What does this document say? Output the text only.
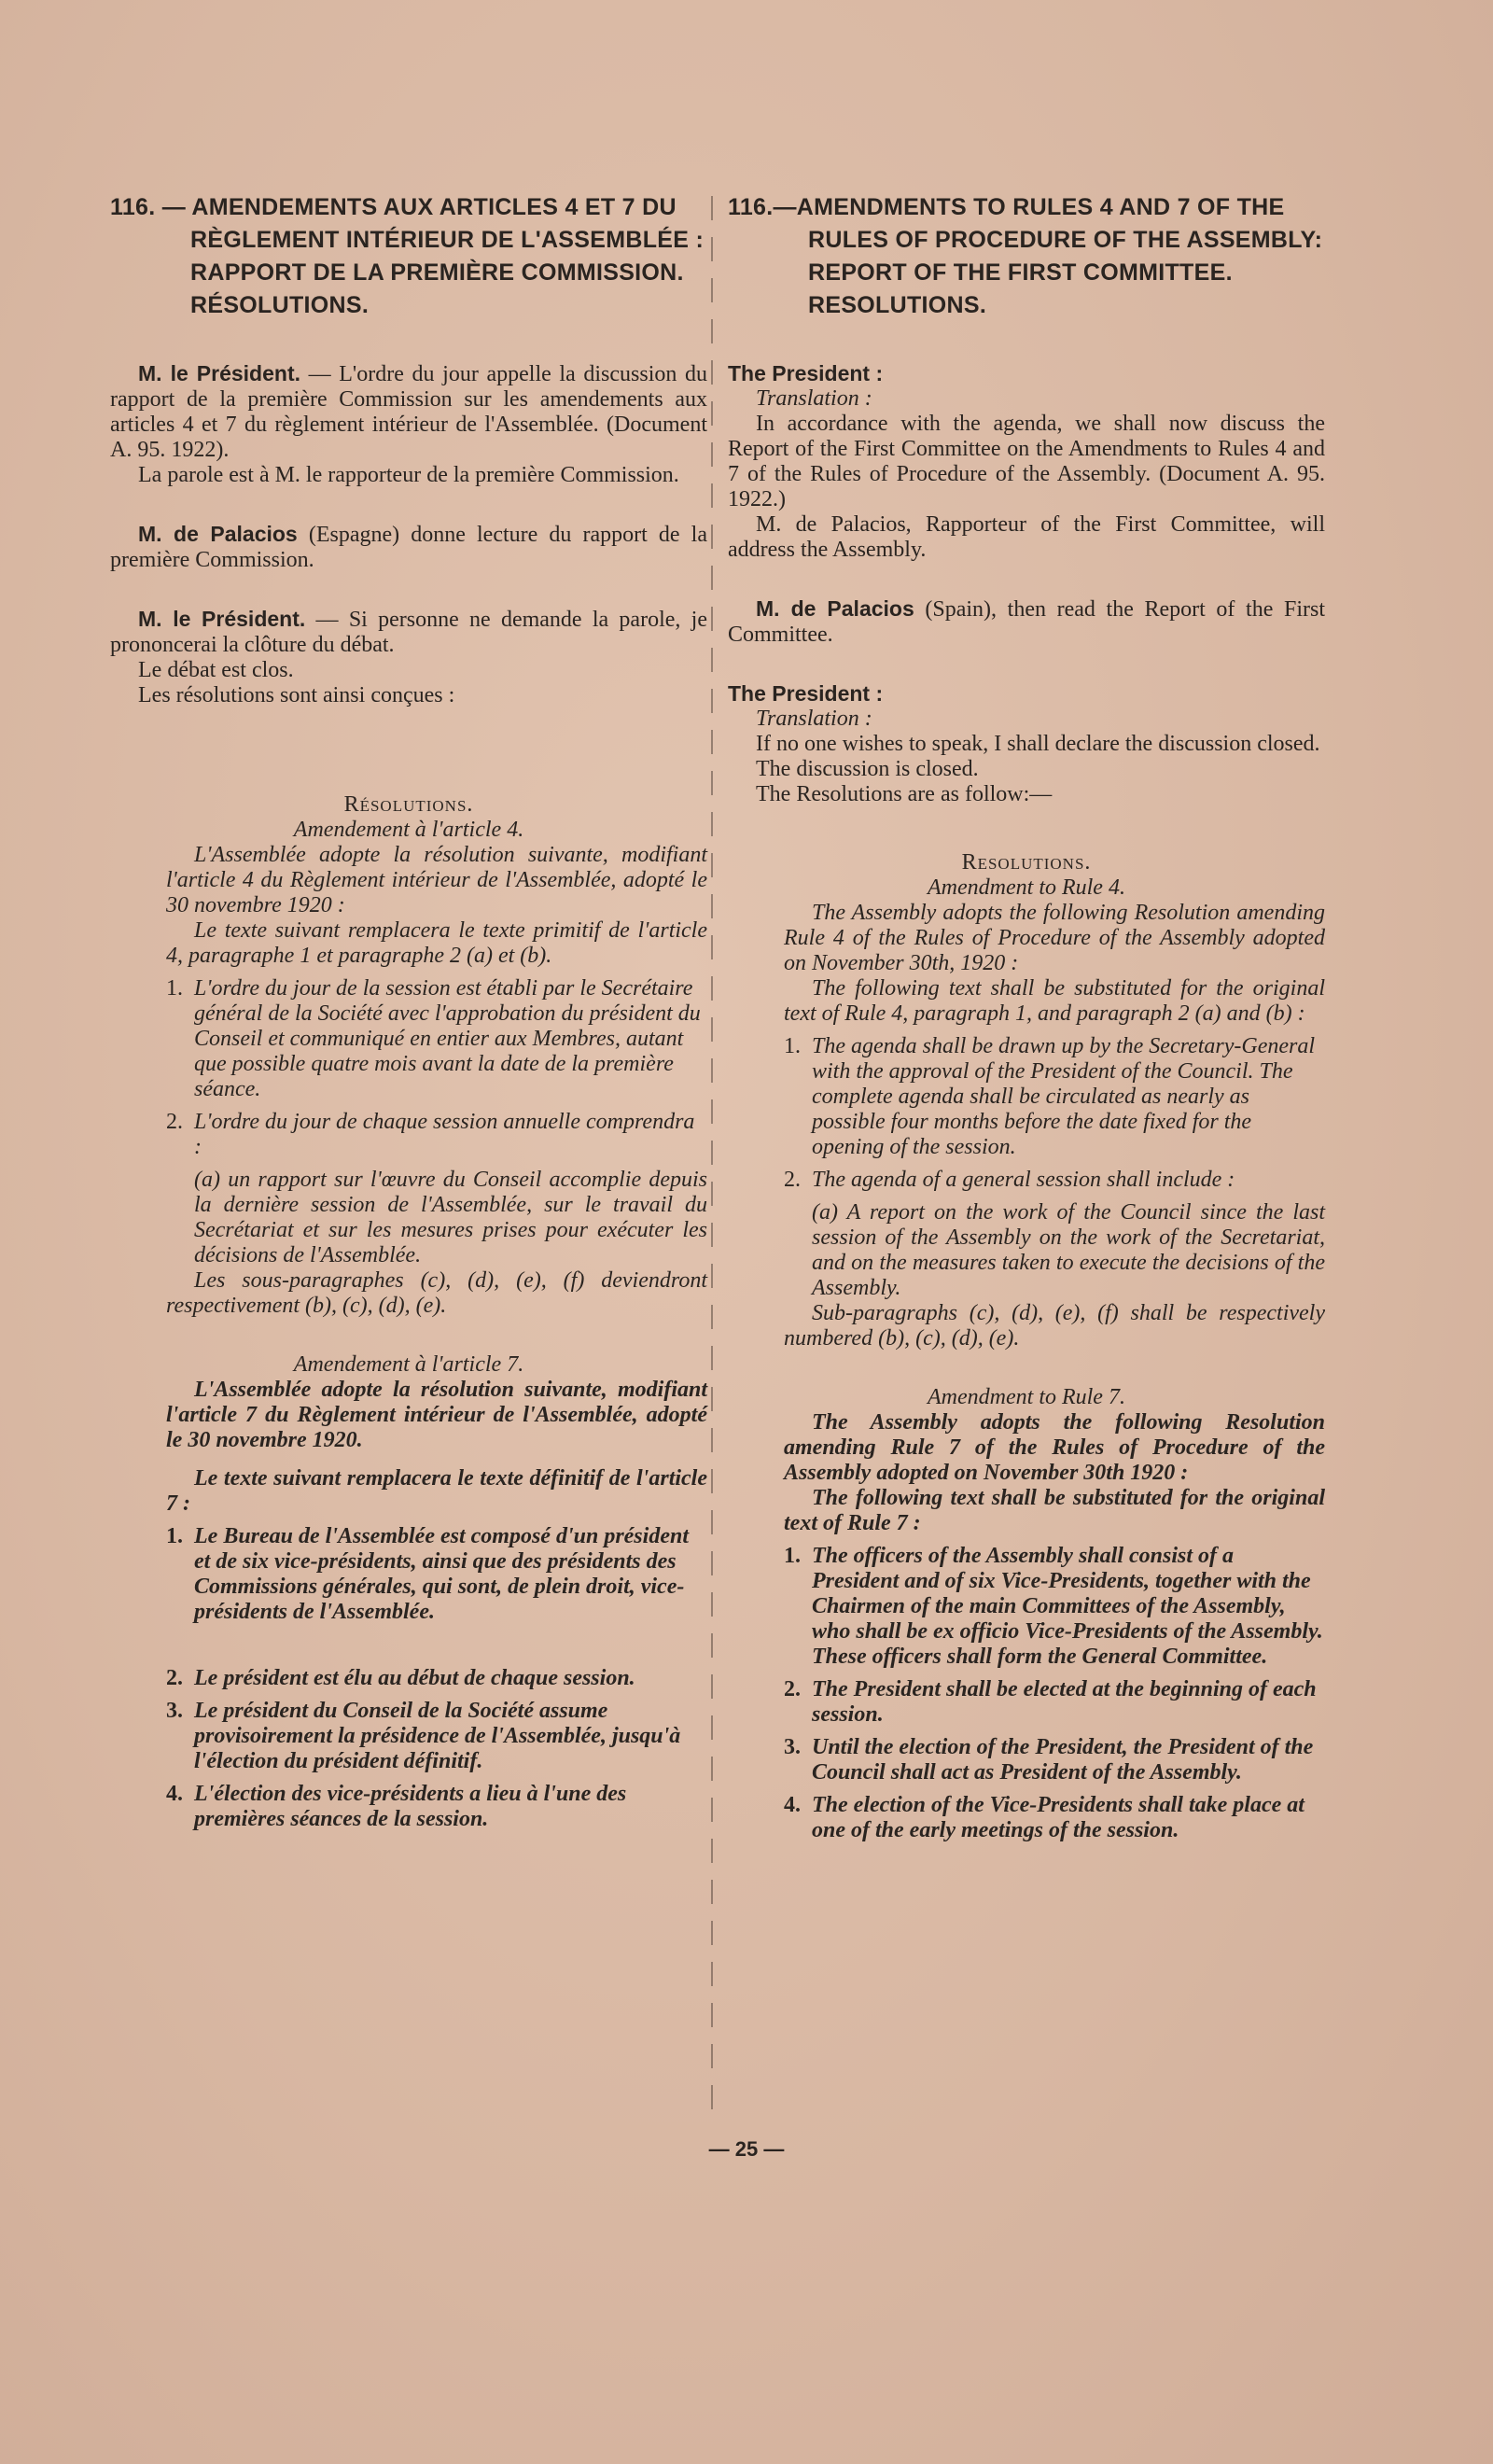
116. — AMENDEMENTS AUX ARTICLES 4 ET 7 DU RÈGLEMENT INTÉRIEUR DE L'ASSEMBLÉE : RAPPORT DE LA PREMIÈRE COMMISSION. RÉSOLUTIONS.

M. le Président. — L'ordre du jour appelle la discussion du rapport de la première Commission sur les amendements aux articles 4 et 7 du règlement intérieur de l'Assemblée. (Document A. 95. 1922).

La parole est à M. le rapporteur de la première Commission.

M. de Palacios (Espagne) donne lecture du rapport de la première Commission.

M. le Président. — Si personne ne demande la parole, je prononcerai la clôture du débat.

Le débat est clos.

Les résolutions sont ainsi conçues :

Résolutions.

Amendement à l'article 4.

L'Assemblée adopte la résolution suivante, modifiant l'article 4 du Règlement intérieur de l'Assemblée, adopté le 30 novembre 1920 :

Le texte suivant remplacera le texte primitif de l'article 4, paragraphe 1 et paragraphe 2 (a) et (b).

1. L'ordre du jour de la session est établi par le Secrétaire général de la Société avec l'approbation du président du Conseil et communiqué en entier aux Membres, autant que possible quatre mois avant la date de la première séance.
2. L'ordre du jour de chaque session annuelle comprendra :

(a) un rapport sur l'œuvre du Conseil accomplie depuis la dernière session de l'Assemblée, sur le travail du Secrétariat et sur les mesures prises pour exécuter les décisions de l'Assemblée.

Les sous-paragraphes (c), (d), (e), (f) deviendront respectivement (b), (c), (d), (e).

Amendement à l'article 7.

L'Assemblée adopte la résolution suivante, modifiant l'article 7 du Règlement intérieur de l'Assemblée, adopté le 30 novembre 1920.

Le texte suivant remplacera le texte définitif de l'article 7 :

1. Le Bureau de l'Assemblée est composé d'un président et de six vice-présidents, ainsi que des présidents des Commissions générales, qui sont, de plein droit, vice-présidents de l'Assemblée.
2. Le président est élu au début de chaque session.
3. Le président du Conseil de la Société assume provisoirement la présidence de l'Assemblée, jusqu'à l'élection du président définitif.
4. L'élection des vice-présidents a lieu à l'une des premières séances de la session.
116.—AMENDMENTS TO RULES 4 AND 7 OF THE RULES OF PROCEDURE OF THE ASSEMBLY: REPORT OF THE FIRST COMMITTEE. RESOLUTIONS.

The President :

Translation :

In accordance with the agenda, we shall now discuss the Report of the First Committee on the Amendments to Rules 4 and 7 of the Rules of Procedure of the Assembly. (Document A. 95. 1922.)

M. de Palacios, Rapporteur of the First Committee, will address the Assembly.

M. de Palacios (Spain), then read the Report of the First Committee.

The President :

Translation :

If no one wishes to speak, I shall declare the discussion closed.

The discussion is closed.

The Resolutions are as follow:—

Resolutions.

Amendment to Rule 4.

The Assembly adopts the following Resolution amending Rule 4 of the Rules of Procedure of the Assembly adopted on November 30th, 1920 :

The following text shall be substituted for the original text of Rule 4, paragraph 1, and paragraph 2 (a) and (b) :

1. The agenda shall be drawn up by the Secretary-General with the approval of the President of the Council. The complete agenda shall be circulated as nearly as possible four months before the date fixed for the opening of the session.
2. The agenda of a general session shall include :

(a) A report on the work of the Council since the last session of the Assembly on the work of the Secretariat, and on the measures taken to execute the decisions of the Assembly.

Sub-paragraphs (c), (d), (e), (f) shall be respectively numbered (b), (c), (d), (e).

Amendment to Rule 7.

The Assembly adopts the following Resolution amending Rule 7 of the Rules of Procedure of the Assembly adopted on November 30th 1920 :

The following text shall be substituted for the original text of Rule 7 :

1. The officers of the Assembly shall consist of a President and of six Vice-Presidents, together with the Chairmen of the main Committees of the Assembly, who shall be ex officio Vice-Presidents of the Assembly. These officers shall form the General Committee.
2. The President shall be elected at the beginning of each session.
3. Until the election of the President, the President of the Council shall act as President of the Assembly.
4. The election of the Vice-Presidents shall take place at one of the early meetings of the session.
— 25 —
